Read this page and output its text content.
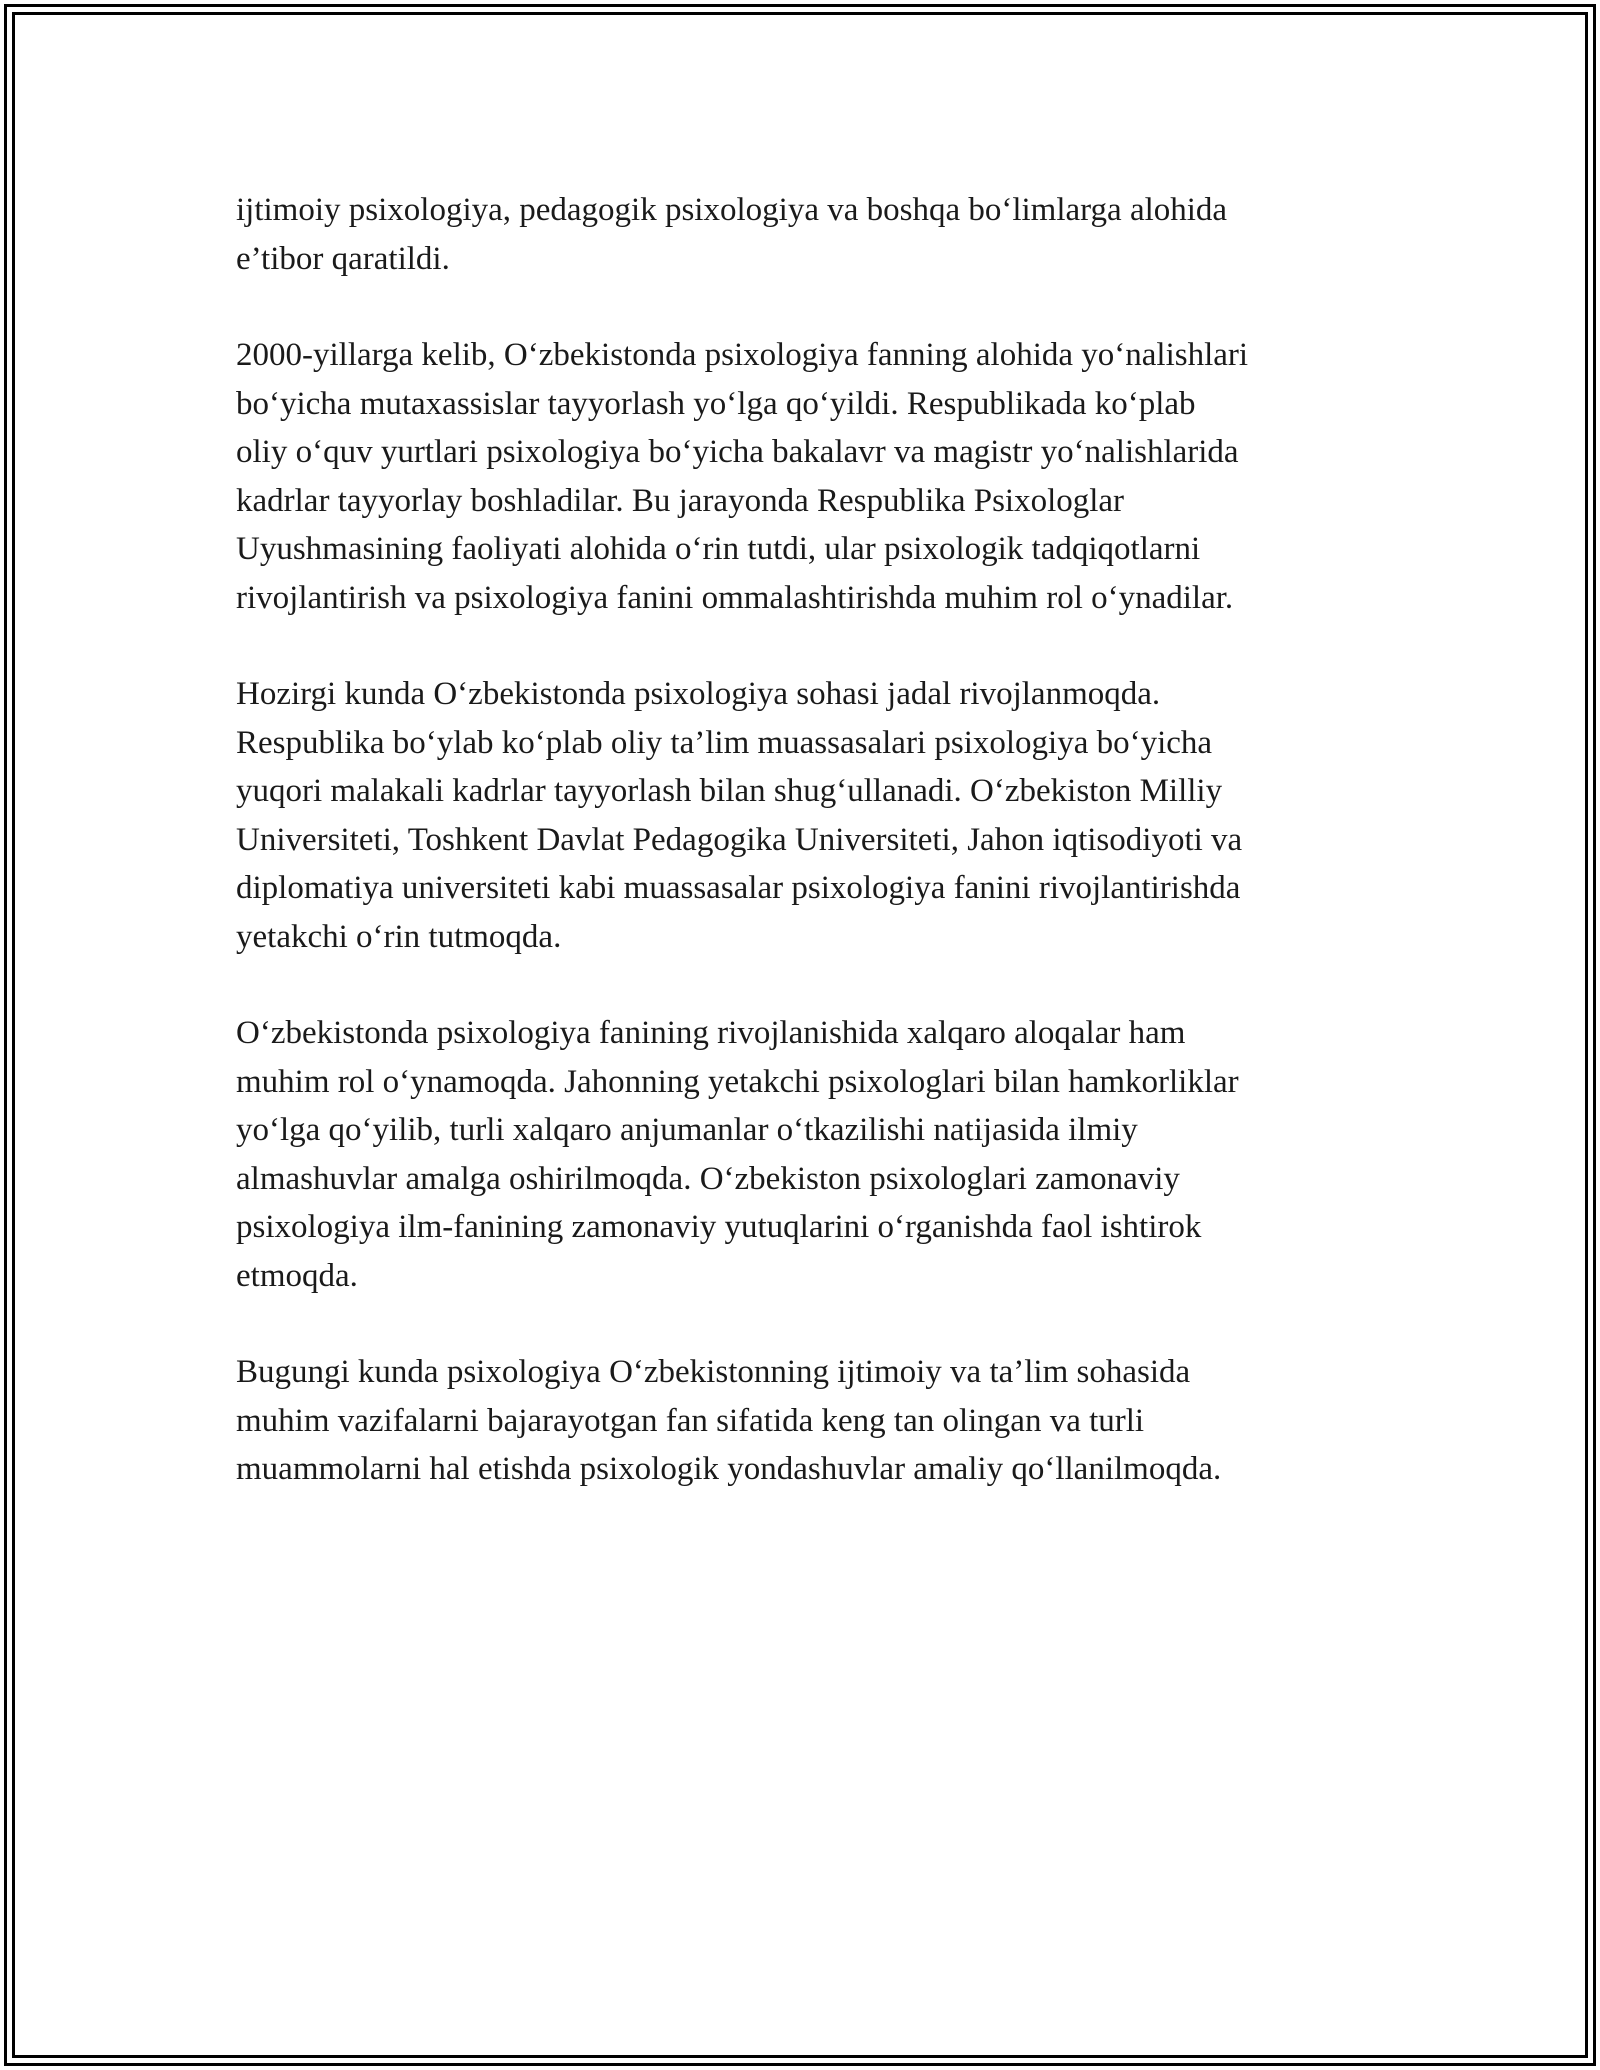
ijtimoiy psixologiya, pedagogik psixologiya va boshqa bo‘limlarga alohida
e’tibor qaratildi.

2000-yillarga kelib, O‘zbekistonda psixologiya fanning alohida yo‘nalishlari
bo‘yicha mutaxassislar tayyorlash yo‘lga qo‘yildi. Respublikada ko‘plab
oliy o‘quv yurtlari psixologiya bo‘yicha bakalavr va magistr yo‘nalishlarida
kadrlar tayyorlay boshladilar. Bu jarayonda Respublika Psixologlar
Uyushmasining faoliyati alohida o‘rin tutdi, ular psixologik tadqiqotlarni
rivojlantirish va psixologiya fanini ommalashtirishda muhim rol o‘ynadilar.

Hozirgi kunda O‘zbekistonda psixologiya sohasi jadal rivojlanmoqda.
Respublika bo‘ylab ko‘plab oliy ta’lim muassasalari psixologiya bo‘yicha
yuqori malakali kadrlar tayyorlash bilan shug‘ullanadi. O‘zbekiston Milliy
Universiteti, Toshkent Davlat Pedagogika Universiteti, Jahon iqtisodiyoti va
diplomatiya universiteti kabi muassasalar psixologiya fanini rivojlantirishda
yetakchi o‘rin tutmoqda.

O‘zbekistonda psixologiya fanining rivojlanishida xalqaro aloqalar ham
muhim rol o‘ynamoqda. Jahonning yetakchi psixologlari bilan hamkorliklar
yo‘lga qo‘yilib, turli xalqaro anjumanlar o‘tkazilishi natijasida ilmiy
almashuvlar amalga oshirilmoqda. O‘zbekiston psixologlari zamonaviy
psixologiya ilm-fanining zamonaviy yutuqlarini o‘rganishda faol ishtirok
etmoqda.

Bugungi kunda psixologiya O‘zbekistonning ijtimoiy va ta’lim sohasida
muhim vazifalarni bajarayotgan fan sifatida keng tan olingan va turli
muammolarni hal etishda psixologik yondashuvlar amaliy qo‘llanilmoqda.
